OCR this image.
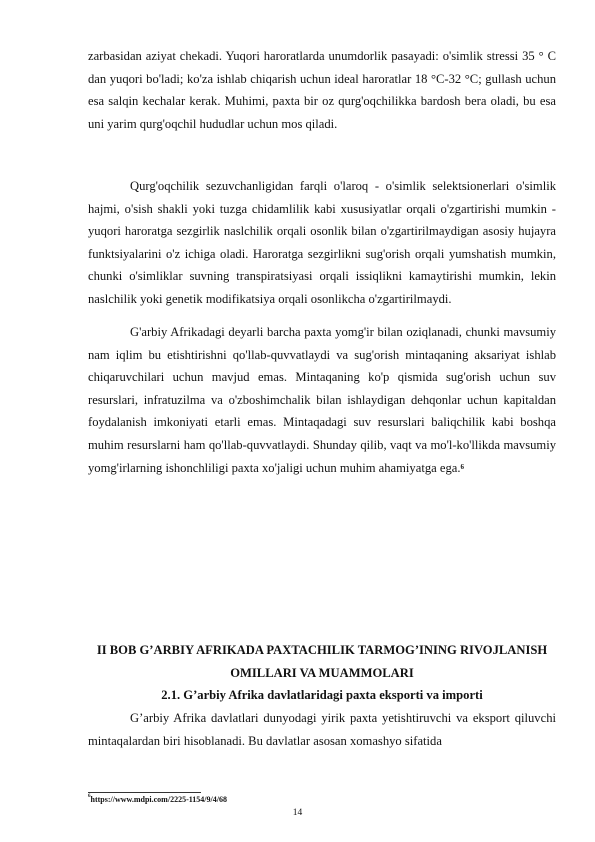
zarbasidan aziyat chekadi. Yuqori haroratlarda unumdorlik pasayadi: o'simlik stressi 35 ° C dan yuqori bo'ladi; ko'za ishlab chiqarish uchun ideal haroratlar 18 °C-32 °C; gullash uchun esa salqin kechalar kerak. Muhimi, paxta bir oz qurg'oqchilikka bardosh bera oladi, bu esa uni yarim qurg'oqchil hududlar uchun mos qiladi.

Qurg'oqchilik sezuvchanligidan farqli o'laroq - o'simlik selektsionerlari o'simlik hajmi, o'sish shakli yoki tuzga chidamlilik kabi xususiyatlar orqali o'zgartirishi mumkin - yuqori haroratga sezgirlik naslchilik orqali osonlik bilan o'zgartirilmaydigan asosiy hujayra funktsiyalarini o'z ichiga oladi. Haroratga sezgirlikni sug'orish orqali yumshatish mumkin, chunki o'simliklar suvning transpiratsiyasi orqali issiqlikni kamaytirishi mumkin, lekin naslchilik yoki genetik modifikatsiya orqali osonlikcha o'zgartirilmaydi.

G'arbiy Afrikadagi deyarli barcha paxta yomg'ir bilan oziqlanadi, chunki mavsumiy nam iqlim bu etishtirishni qo'llab-quvvatlaydi va sug'orish mintaqaning aksariyat ishlab chiqaruvchilari uchun mavjud emas. Mintaqaning ko'p qismida sug'orish uchun suv resurslari, infratuzilma va o'zboshimchalik bilan ishlaydigan dehqonlar uchun kapitaldan foydalanish imkoniyati etarli emas. Mintaqadagi suv resurslari baliqchilik kabi boshqa muhim resurslarni ham qo'llab-quvvatlaydi. Shunday qilib, vaqt va mo'l-ko'llikda mavsumiy yomg'irlarning ishonchliligi paxta xo'jaligi uchun muhim ahamiyatga ega.$^6$

II BOB G’ARBIY AFRIKADA PAXTACHILIK TARMOG’INING RIVOJLANISH OMILLARI VA MUAMMOLARI
2.1. G’arbiy Afrika davlatlaridagi paxta eksporti va importi

G’arbiy Afrika davlatlari dunyodagi yirik paxta yetishtiruvchi va eksport qiluvchi mintaqalardan biri hisoblanadi. Bu davlatlar asosan xomashyo sifatida

$^6$https://www.mdpi.com/2225-1154/9/4/68
14
